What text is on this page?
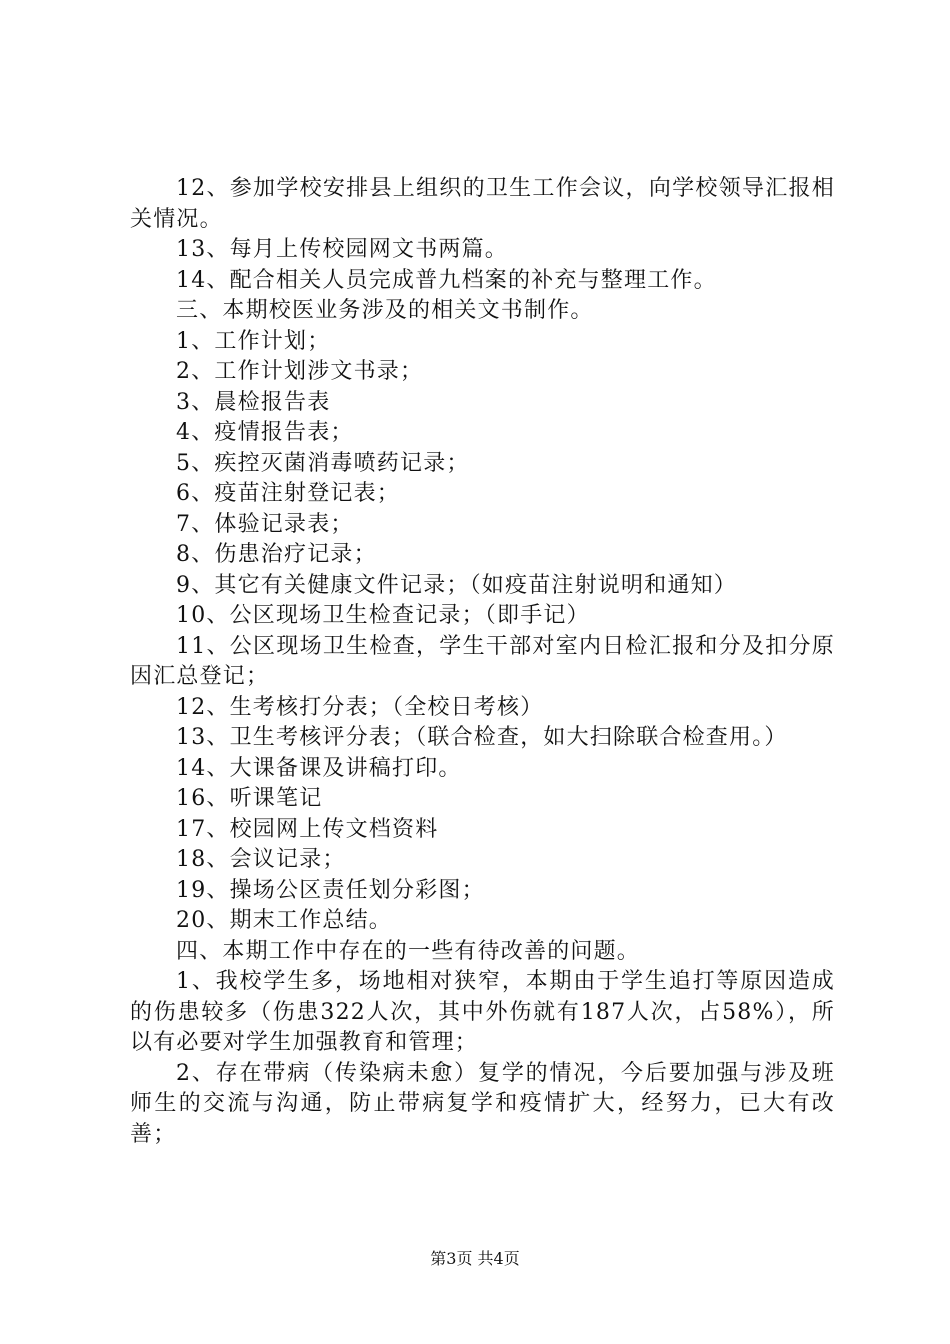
12、参加学校安排县上组织的卫生工作会议，向学校领导汇报相关情况。

13、每月上传校园网文书两篇。

14、配合相关人员完成普九档案的补充与整理工作。

三、本期校医业务涉及的相关文书制作。

1、工作计划；

2、工作计划涉文书录；

3、晨检报告表

4、疫情报告表；

5、疾控灭菌消毒喷药记录；

6、疫苗注射登记表；

7、体验记录表；

8、伤患治疗记录；

9、其它有关健康文件记录；（如疫苗注射说明和通知）

10、公区现场卫生检查记录；（即手记）

11、公区现场卫生检查，学生干部对室内日检汇报和分及扣分原因汇总登记；

12、生考核打分表；（全校日考核）

13、卫生考核评分表；（联合检查，如大扫除联合检查用。）

14、大课备课及讲稿打印。

16、听课笔记

17、校园网上传文档资料

18、会议记录；

19、操场公区责任划分彩图；

20、期末工作总结。

四、本期工作中存在的一些有待改善的问题。

1、我校学生多，场地相对狭窄，本期由于学生追打等原因造成的伤患较多（伤患322人次，其中外伤就有187人次，占58%），所以有必要对学生加强教育和管理；

2、存在带病（传染病未愈）复学的情况，今后要加强与涉及班师生的交流与沟通，防止带病复学和疫情扩大，经努力，已大有改善；

第3页 共4页
